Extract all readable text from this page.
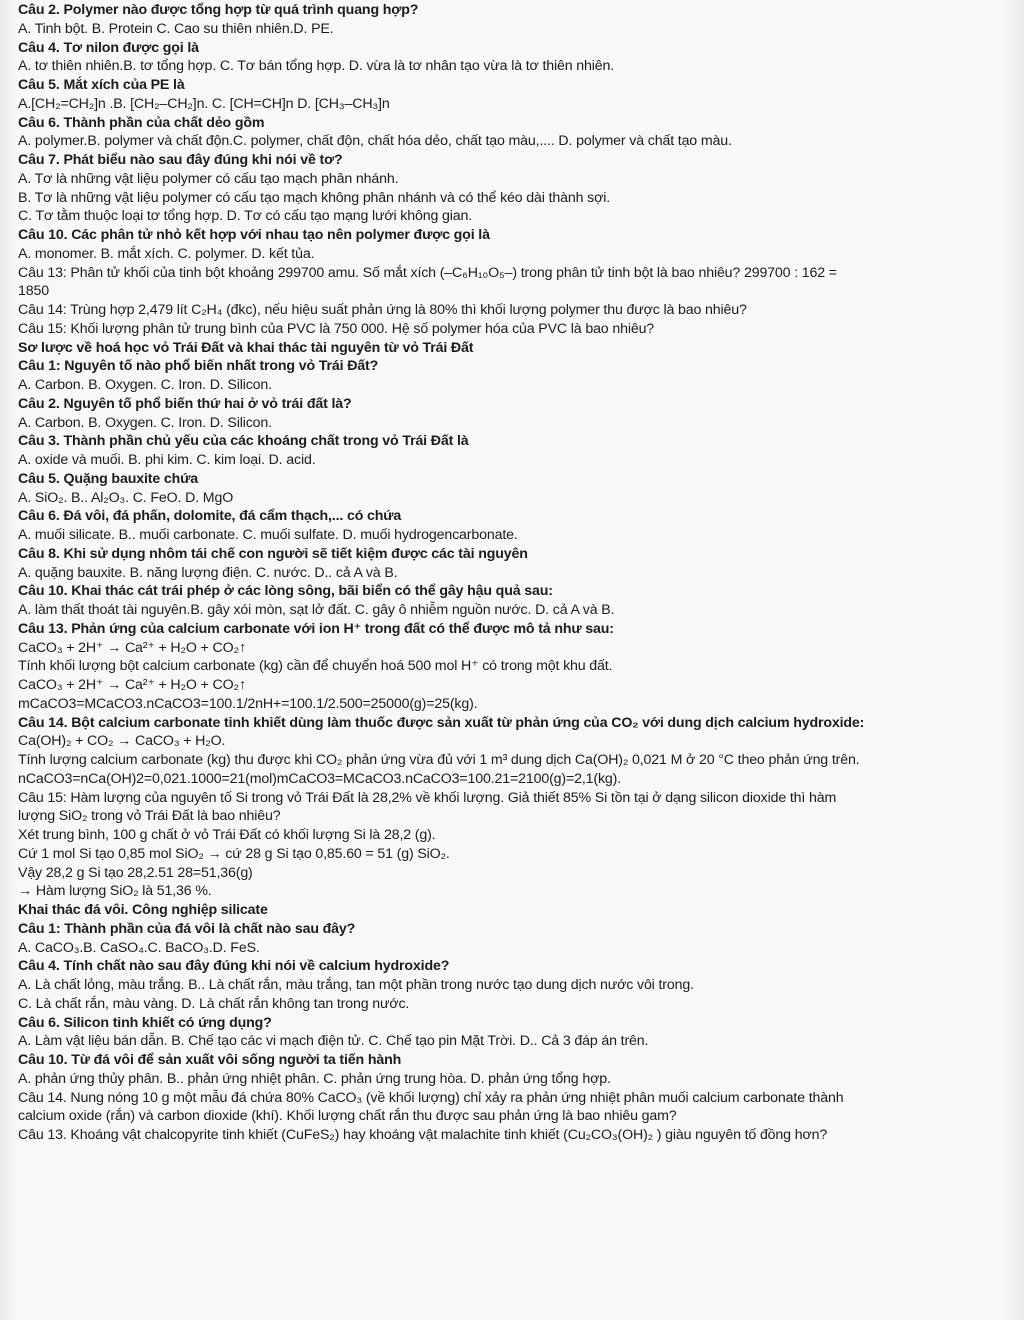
Câu 2. Polymer nào được tổng hợp từ quá trình quang hợp?
A. Tinh bột. B. Protein C. Cao su thiên nhiên.D. PE.
Câu 4. Tơ nilon được gọi là
A. tơ thiên nhiên.B. tơ tổng hợp. C. Tơ bán tổng hợp. D. vừa là tơ nhân tạo vừa là tơ thiên nhiên.
Câu 5. Mắt xích của PE là
A.[CH₂=CH₂]n .B. [CH₂–CH₂]n. C. [CH=CH]n D. [CH₃–CH₃]n
Câu 6. Thành phần của chất dẻo gồm
A. polymer.B. polymer và chất độn.C. polymer, chất độn, chất hóa dẻo, chất tạo màu,.... D. polymer và chất tạo màu.
Câu 7. Phát biểu nào sau đây đúng khi nói về tơ?
A. Tơ là những vật liệu polymer có cấu tạo mạch phân nhánh.
B. Tơ là những vật liệu polymer có cấu tạo mạch không phân nhánh và có thể kéo dài thành sợi.
C. Tơ tằm thuộc loại tơ tổng hợp. D. Tơ có cấu tạo mạng lưới không gian.
Câu 10. Các phân tử nhỏ kết hợp với nhau tạo nên polymer được gọi là
A. monomer. B. mắt xích. C. polymer. D. kết tủa.
Câu 13: Phân tử khối của tinh bột khoảng 299700 amu. Số mắt xích (–C₆H₁₀O₅–) trong phân tử tinh bột là bao nhiêu? 299700 : 162 =
1850
Câu 14: Trùng hợp 2,479 lít C₂H₄ (đkc), nếu hiệu suất phản ứng là 80% thì khối lượng polymer thu được là bao nhiêu?
Câu 15: Khối lượng phân tử trung bình của PVC là 750 000. Hệ số polymer hóa của PVC là bao nhiêu?
Sơ lược về hoá học vỏ Trái Đất và khai thác tài nguyên từ vỏ Trái Đất
Câu 1: Nguyên tố nào phổ biến nhất trong vỏ Trái Đất?
A. Carbon. B. Oxygen. C. Iron. D. Silicon.
Câu 2. Nguyên tố phổ biến thứ hai ở vỏ trái đất là?
A. Carbon. B. Oxygen. C. Iron. D. Silicon.
Câu 3. Thành phần chủ yếu của các khoáng chất trong vỏ Trái Đất là
A. oxide và muối. B. phi kim. C. kim loại. D. acid.
Câu 5. Quặng bauxite chứa
A. SiO₂. B.. Al₂O₃. C. FeO. D. MgO
Câu 6. Đá vôi, đá phấn, dolomite, đá cẩm thạch,... có chứa
A. muối silicate. B.. muối carbonate. C. muối sulfate. D. muối hydrogencarbonate.
Câu 8. Khi sử dụng nhôm tái chế con người sẽ tiết kiệm được các tài nguyên
A. quặng bauxite. B. năng lượng điện. C. nước. D.. cả A và B.
Câu 10. Khai thác cát trái phép ở các lòng sông, bãi biển có thể gây hậu quả sau:
A. làm thất thoát tài nguyên.B. gây xói mòn, sạt lở đất. C. gây ô nhiễm nguồn nước. D. cả A và B.
Câu 13. Phản ứng của calcium carbonate với ion H⁺ trong đất có thể được mô tả như sau:
CaCO₃ + 2H⁺ → Ca²⁺ + H₂O + CO₂↑
Tính khối lượng bột calcium carbonate (kg) cần để chuyển hoá 500 mol H⁺ có trong một khu đất.
CaCO₃ + 2H⁺ → Ca²⁺ + H₂O + CO₂↑
mCaCO3=MCaCO3.nCaCO3=100.1/2nH+=100.1/2.500=25000(g)=25(kg).
Câu 14. Bột calcium carbonate tinh khiết dùng làm thuốc được sản xuất từ phản ứng của CO₂ với dung dịch calcium hydroxide:
Ca(OH)₂ + CO₂ → CaCO₃ + H₂O.
Tính lượng calcium carbonate (kg) thu được khi CO₂ phản ứng vừa đủ với 1 m³ dung dịch Ca(OH)₂ 0,021 M ở 20 °C theo phản ứng trên.
nCaCO3=nCa(OH)2=0,021.1000=21(mol)mCaCO3=MCaCO3.nCaCO3=100.21=2100(g)=2,1(kg).
Câu 15: Hàm lượng của nguyên tố Si trong vỏ Trái Đất là 28,2% về khối lượng. Giả thiết 85% Si tồn tại ở dạng silicon dioxide thì hàm
lượng SiO₂ trong vỏ Trái Đất là bao nhiêu?
Xét trung bình, 100 g chất ở vỏ Trái Đất có khối lượng Si là 28,2 (g).
Cứ 1 mol Si tạo 0,85 mol SiO₂ → cứ 28 g Si tạo 0,85.60 = 51 (g) SiO₂.
Vậy 28,2 g Si tạo 28,2.51 28=51,36(g)
→ Hàm lượng SiO₂ là 51,36 %.
Khai thác đá vôi. Công nghiệp silicate
Câu 1: Thành phần của đá vôi là chất nào sau đây?
A. CaCO₃.B. CaSO₄.C. BaCO₃.D. FeS.
Câu 4. Tính chất nào sau đây đúng khi nói về calcium hydroxide?
A. Là chất lỏng, màu trắng. B.. Là chất rắn, màu trắng, tan một phần trong nước tạo dung dịch nước vôi trong.
C. Là chất rắn, màu vàng. D. Là chất rắn không tan trong nước.
Câu 6. Silicon tinh khiết có ứng dụng?
A. Làm vật liệu bán dẫn. B. Chế tạo các vi mạch điện tử. C. Chế tạo pin Mặt Trời. D.. Cả 3 đáp án trên.
Câu 10. Từ đá vôi để sản xuất vôi sống người ta tiến hành
A. phản ứng thủy phân. B.. phản ứng nhiệt phân. C. phản ứng trung hòa. D. phản ứng tổng hợp.
Câu 14. Nung nóng 10 g một mẫu đá chứa 80% CaCO₃ (về khối lượng) chỉ xảy ra phản ứng nhiệt phân muối calcium carbonate thành
calcium oxide (rắn) và carbon dioxide (khí). Khối lượng chất rắn thu được sau phản ứng là bao nhiêu gam?
Câu 13. Khoáng vật chalcopyrite tinh khiết (CuFeS₂) hay khoáng vật malachite tinh khiết (Cu₂CO₃(OH)₂ ) giàu nguyên tố đồng hơn?
